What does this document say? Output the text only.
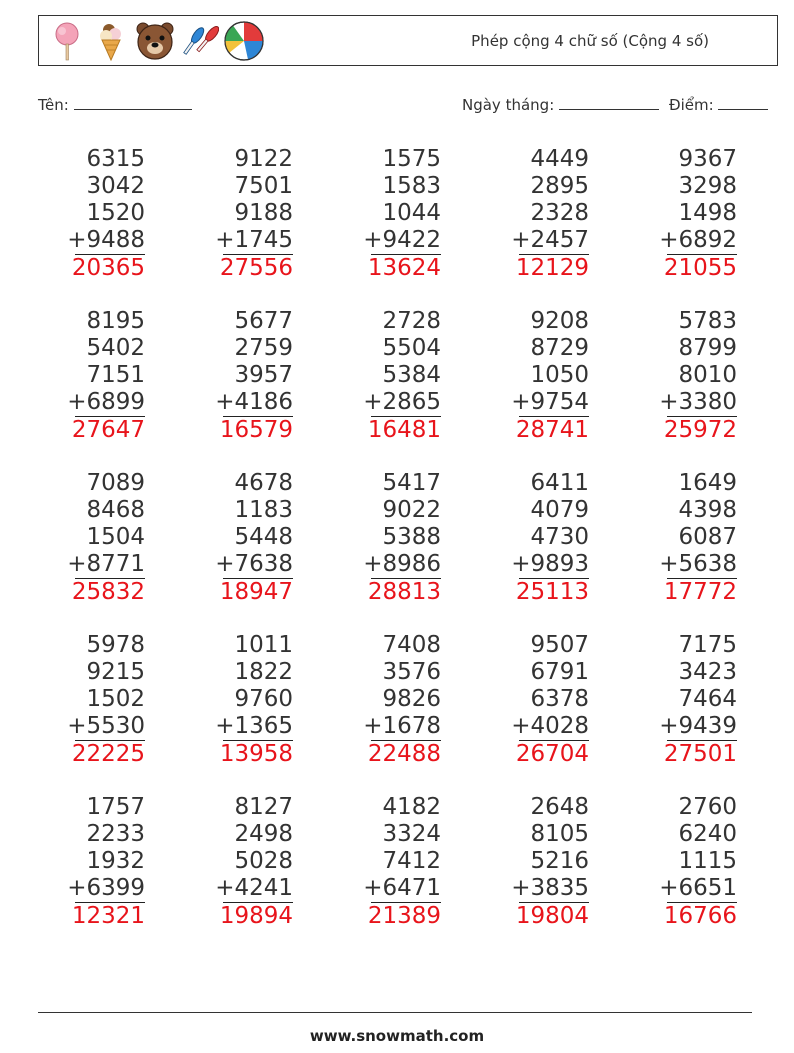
Phép cộng 4 chữ số (Cộng 4 số)
Tên:	Ngày tháng:	Điểm:
6315
3042
1520
+9488
20365
9122
7501
9188
+1745
27556
1575
1583
1044
+9422
13624
4449
2895
2328
+2457
12129
9367
3298
1498
+6892
21055
8195
5402
7151
+6899
27647
5677
2759
3957
+4186
16579
2728
5504
5384
+2865
16481
9208
8729
1050
+9754
28741
5783
8799
8010
+3380
25972
7089
8468
1504
+8771
25832
4678
1183
5448
+7638
18947
5417
9022
5388
+8986
28813
6411
4079
4730
+9893
25113
1649
4398
6087
+5638
17772
5978
9215
1502
+5530
22225
1011
1822
9760
+1365
13958
7408
3576
9826
+1678
22488
9507
6791
6378
+4028
26704
7175
3423
7464
+9439
27501
1757
2233
1932
+6399
12321
8127
2498
5028
+4241
19894
4182
3324
7412
+6471
21389
2648
8105
5216
+3835
19804
2760
6240
1115
+6651
16766
www.snowmath.com
